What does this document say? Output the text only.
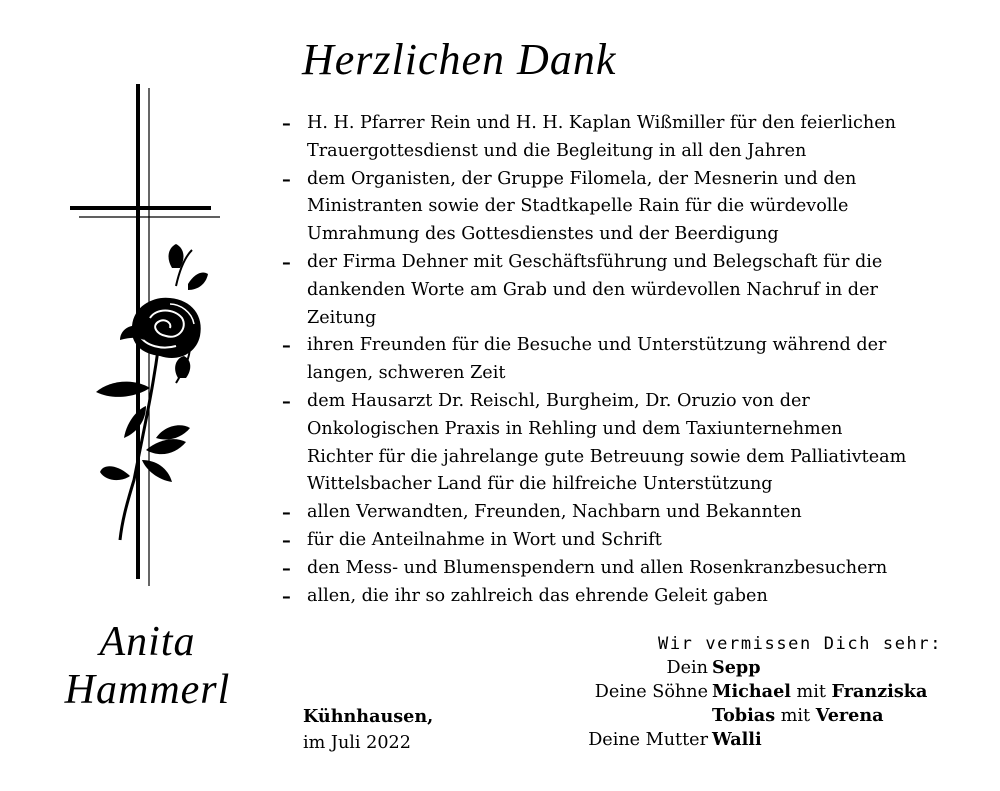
Herzlichen Dank
– H. H. Pfarrer Rein und H. H. Kaplan Wißmiller für den feierlichen
Trauergottesdienst und die Begleitung in all den Jahren
– dem Organisten, der Gruppe Filomela, der Mesnerin und den
Ministranten sowie der Stadtkapelle Rain für die würdevolle
Umrahmung des Gottesdienstes und der Beerdigung
– der Firma Dehner mit Geschäftsführung und Belegschaft für die
dankenden Worte am Grab und den würdevollen Nachruf in der
Zeitung
– ihren Freunden für die Besuche und Unterstützung während der
langen, schweren Zeit
– dem Hausarzt Dr. Reischl, Burgheim, Dr. Oruzio von der
Onkologischen Praxis in Rehling und dem Taxiunternehmen
Richter für die jahrelange gute Betreuung sowie dem Palliativteam
Wittelsbacher Land für die hilfreiche Unterstützung
– allen Verwandten, Freunden, Nachbarn und Bekannten
– für die Anteilnahme in Wort und Schrift
– den Mess- und Blumenspendern und allen Rosenkranzbesuchern
– allen, die ihr so zahlreich das ehrende Geleit gaben
Anita
Hammerl
Kühnhausen,
im Juli 2022
Wir vermissen Dich sehr:
Dein Sepp
Deine Söhne Michael mit Franziska
Tobias mit Verena
Deine Mutter Walli
